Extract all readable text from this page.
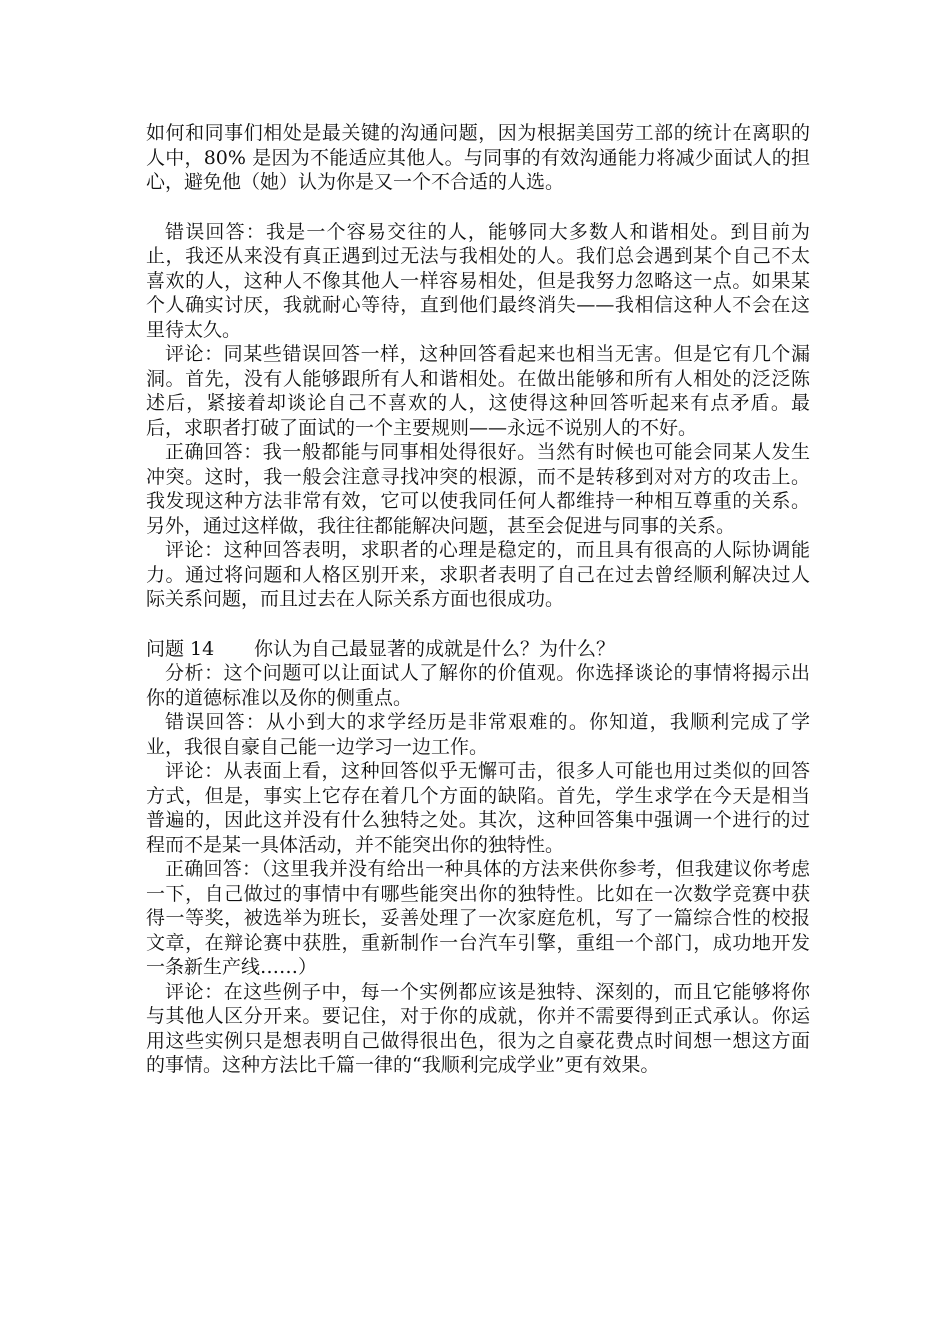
如何和同事们相处是最关键的沟通问题，因为根据美国劳工部的统计在离职的人中，80% 是因为不能适应其他人。与同事的有效沟通能力将减少面试人的担心，避免他（她）认为你是又一个不合适的人选。

错误回答：我是一个容易交往的人，能够同大多数人和谐相处。到目前为止，我还从来没有真正遇到过无法与我相处的人。我们总会遇到某个自己不太喜欢的人，这种人不像其他人一样容易相处，但是我努力忽略这一点。如果某个人确实讨厌，我就耐心等待，直到他们最终消失——我相信这种人不会在这里待太久。

评论：同某些错误回答一样，这种回答看起来也相当无害。但是它有几个漏洞。首先，没有人能够跟所有人和谐相处。在做出能够和所有人相处的泛泛陈述后，紧接着却谈论自己不喜欢的人，这使得这种回答听起来有点矛盾。最后，求职者打破了面试的一个主要规则——永远不说别人的不好。

正确回答：我一般都能与同事相处得很好。当然有时候也可能会同某人发生冲突。这时，我一般会注意寻找冲突的根源，而不是转移到对对方的攻击上。我发现这种方法非常有效，它可以使我同任何人都维持一种相互尊重的关系。另外，通过这样做，我往往都能解决问题，甚至会促进与同事的关系。

评论：这种回答表明，求职者的心理是稳定的，而且具有很高的人际协调能力。通过将问题和人格区别开来，求职者表明了自己在过去曾经顺利解决过人际关系问题，而且过去在人际关系方面也很成功。

问题 14 你认为自己最显著的成就是什么？为什么？

分析：这个问题可以让面试人了解你的价值观。你选择谈论的事情将揭示出你的道德标准以及你的侧重点。

错误回答：从小到大的求学经历是非常艰难的。你知道，我顺利完成了学业，我很自豪自己能一边学习一边工作。

评论：从表面上看，这种回答似乎无懈可击，很多人可能也用过类似的回答方式，但是，事实上它存在着几个方面的缺陷。首先，学生求学在今天是相当普遍的，因此这并没有什么独特之处。其次，这种回答集中强调一个进行的过程而不是某一具体活动，并不能突出你的独特性。

正确回答：（这里我并没有给出一种具体的方法来供你参考，但我建议你考虑一下，自己做过的事情中有哪些能突出你的独特性。比如在一次数学竞赛中获得一等奖，被选举为班长，妥善处理了一次家庭危机，写了一篇综合性的校报文章，在辩论赛中获胜，重新制作一台汽车引擎，重组一个部门，成功地开发一条新生产线……）

评论：在这些例子中，每一个实例都应该是独特、深刻的，而且它能够将你与其他人区分开来。要记住，对于你的成就，你并不需要得到正式承认。你运用这些实例只是想表明自己做得很出色，很为之自豪花费点时间想一想这方面的事情。这种方法比千篇一律的“我顺利完成学业”更有效果。
